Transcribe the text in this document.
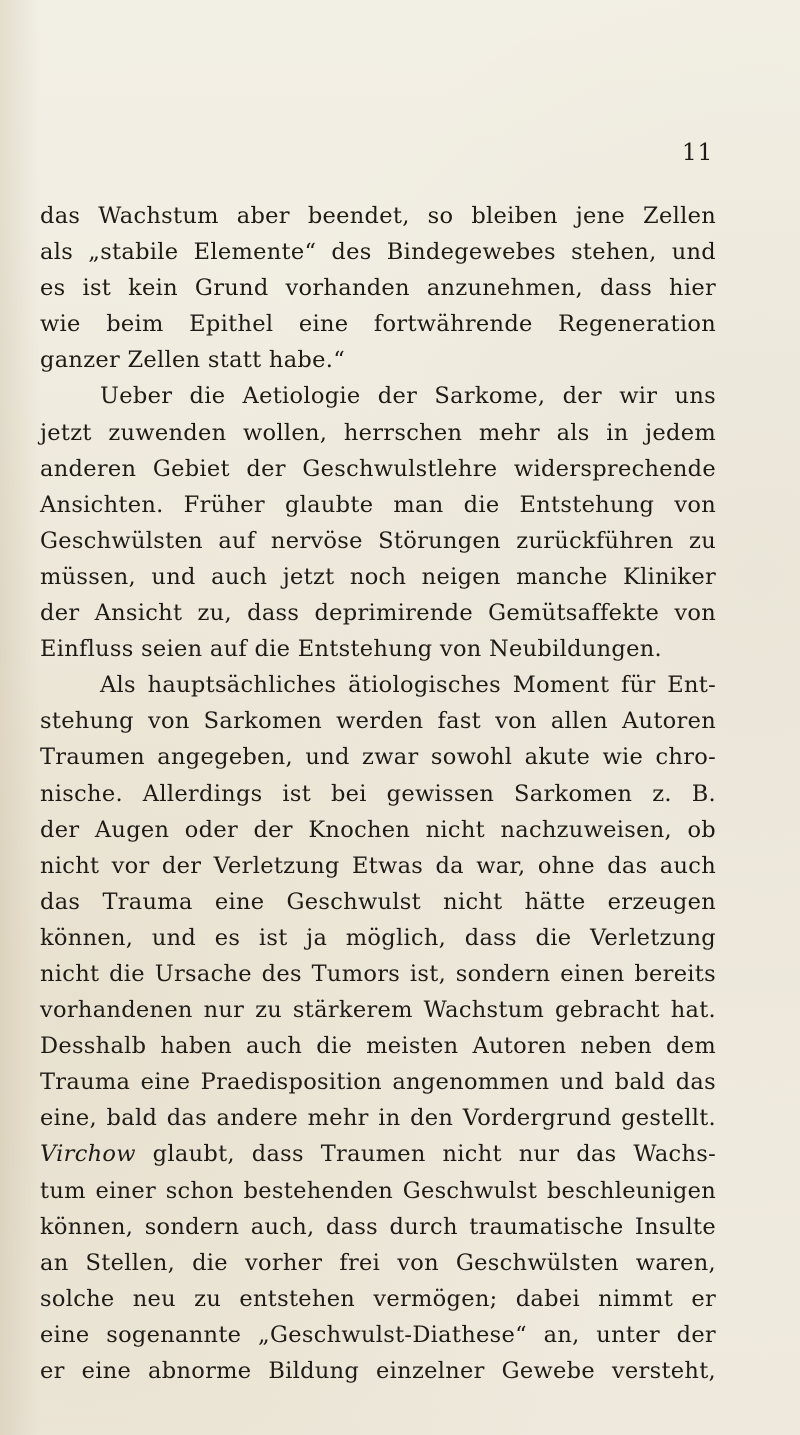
11
das Wachstum aber beendet, so bleiben jene Zellen
als „stabile Elemente“ des Bindegewebes stehen, und
es ist kein Grund vorhanden anzunehmen, dass hier
wie beim Epithel eine fortwährende Regeneration
ganzer Zellen statt habe.“
Ueber die Aetiologie der Sarkome, der wir uns
jetzt zuwenden wollen, herrschen mehr als in jedem
anderen Gebiet der Geschwulstlehre widersprechende
Ansichten. Früher glaubte man die Entstehung von
Geschwülsten auf nervöse Störungen zurückführen zu
müssen, und auch jetzt noch neigen manche Kliniker
der Ansicht zu, dass deprimirende Gemütsaffekte von
Einfluss seien auf die Entstehung von Neubildungen.
Als hauptsächliches ätiologisches Moment für Ent-
stehung von Sarkomen werden fast von allen Autoren
Traumen angegeben, und zwar sowohl akute wie chro-
nische. Allerdings ist bei gewissen Sarkomen z. B.
der Augen oder der Knochen nicht nachzuweisen, ob
nicht vor der Verletzung Etwas da war, ohne das auch
das Trauma eine Geschwulst nicht hätte erzeugen
können, und es ist ja möglich, dass die Verletzung
nicht die Ursache des Tumors ist, sondern einen bereits
vorhandenen nur zu stärkerem Wachstum gebracht hat.
Desshalb haben auch die meisten Autoren neben dem
Trauma eine Praedisposition angenommen und bald das
eine, bald das andere mehr in den Vordergrund gestellt.
Virchow glaubt, dass Traumen nicht nur das Wachs-
tum einer schon bestehenden Geschwulst beschleunigen
können, sondern auch, dass durch traumatische Insulte
an Stellen, die vorher frei von Geschwülsten waren,
solche neu zu entstehen vermögen; dabei nimmt er
eine sogenannte „Geschwulst-Diathese“ an, unter der
er eine abnorme Bildung einzelner Gewebe versteht,
